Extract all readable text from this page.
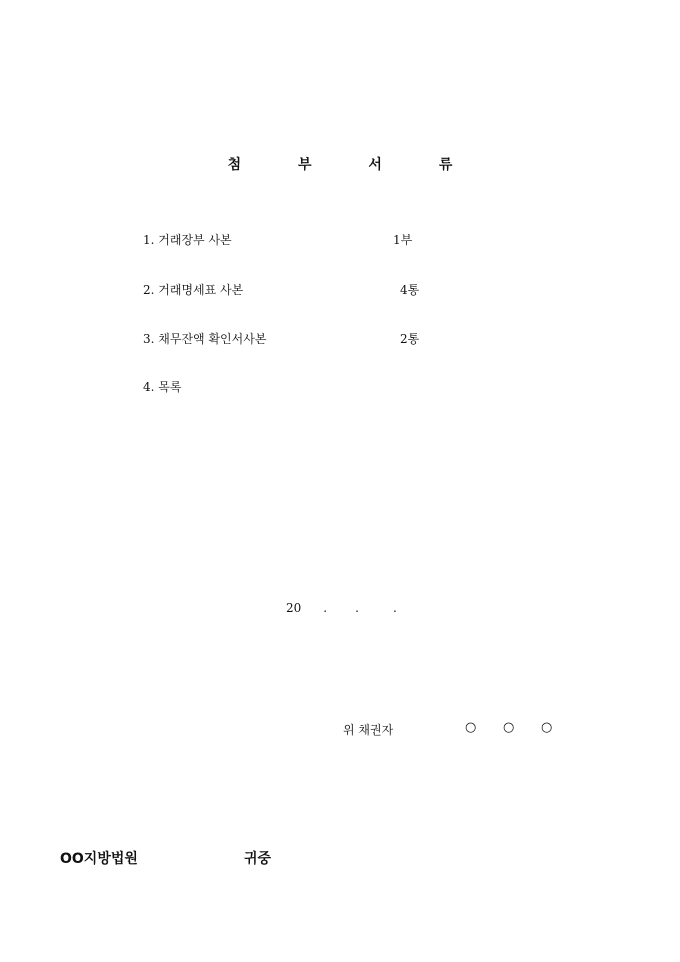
첨 부 서 류
1. 거래장부 사본	1부
2. 거래명세표 사본	4통
3. 채무잔액 확인서사본	2통
4. 목록
20 . .	.
위 채권자	○ ○ ○
OO지방법원	귀중
